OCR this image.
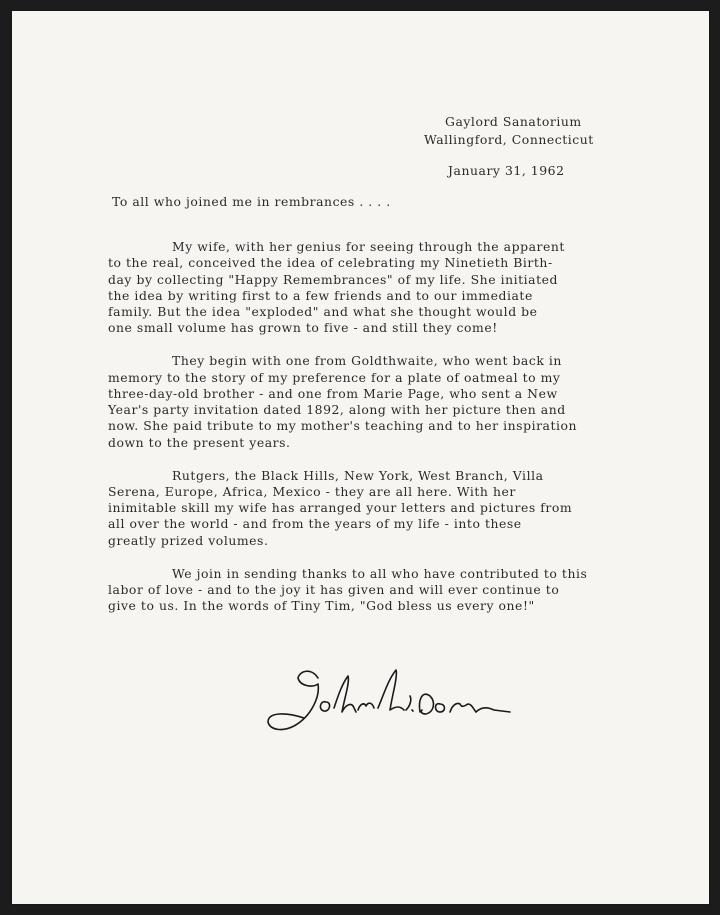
Gaylord Sanatorium

Wallingford, Connecticut

January 31, 1962

To all who joined me in rembrances . . . .

My wife, with her genius for seeing through the apparent
to the real, conceived the idea of celebrating my Ninetieth Birth-
day by collecting "Happy Remembrances" of my life. She initiated
the idea by writing first to a few friends and to our immediate
family. But the idea "exploded" and what she thought would be
one small volume has grown to five - and still they come!
They begin with one from Goldthwaite, who went back in
memory to the story of my preference for a plate of oatmeal to my
three-day-old brother - and one from Marie Page, who sent a New
Year's party invitation dated 1892, along with her picture then and
now. She paid tribute to my mother's teaching and to her inspiration
down to the present years.
Rutgers, the Black Hills, New York, West Branch, Villa
Serena, Europe, Africa, Mexico - they are all here. With her
inimitable skill my wife has arranged your letters and pictures from
all over the world - and from the years of my life - into these
greatly prized volumes.
We join in sending thanks to all who have contributed to this
labor of love - and to the joy it has given and will ever continue to
give to us. In the words of Tiny Tim, "God bless us every one!"
